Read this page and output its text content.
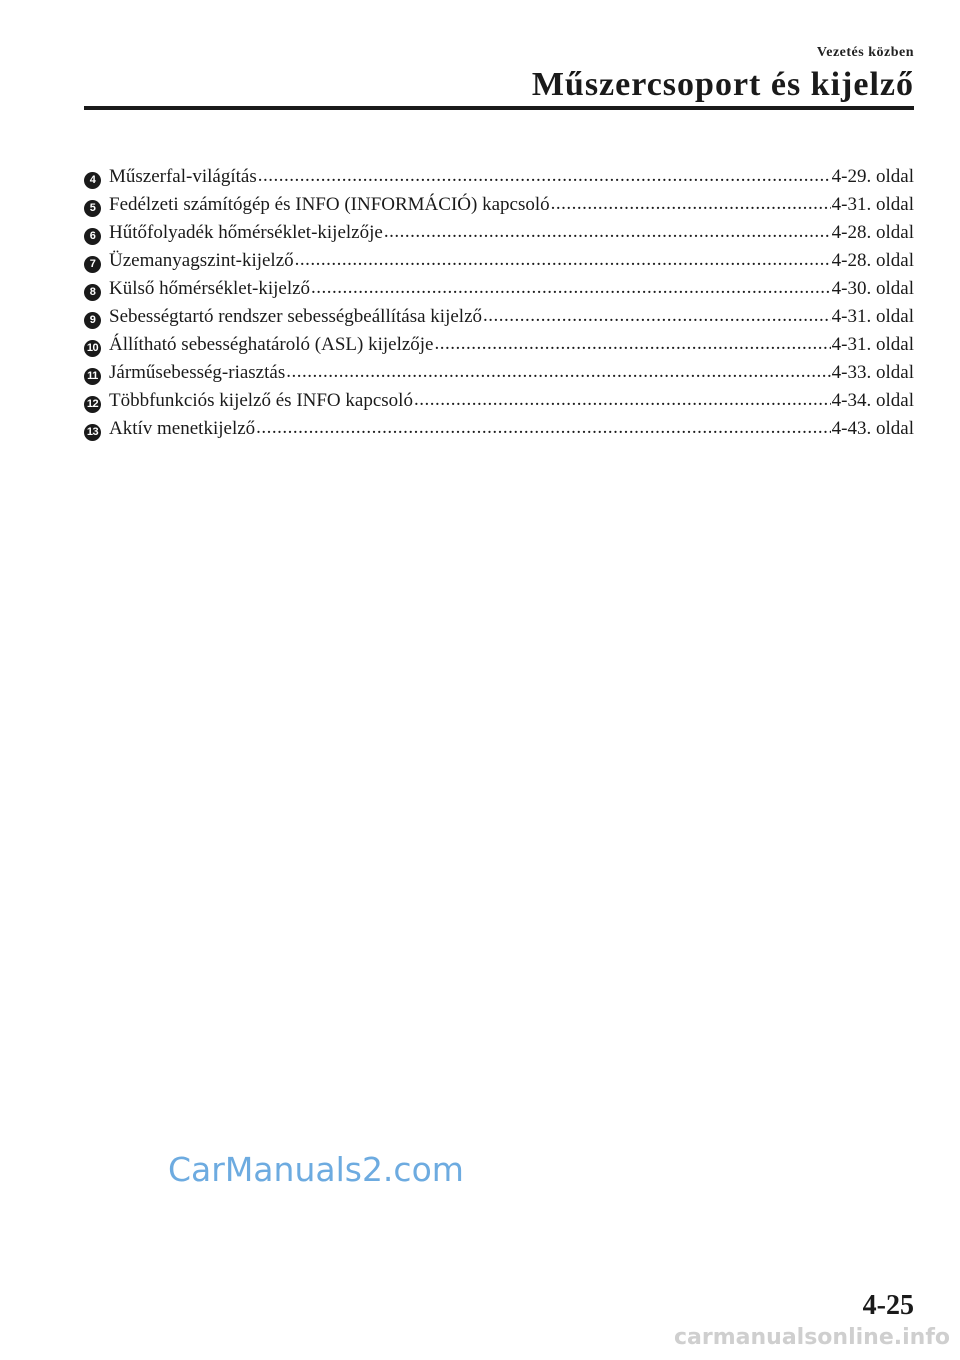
Vezetés közben
Műszercsoport és kijelző
4 Műszerfal-világítás .....	4-29. oldal
5 Fedélzeti számítógép és INFO (INFORMÁCIÓ) kapcsoló .....	4-31. oldal
6 Hűtőfolyadék hőmérséklet-kijelzője .....	4-28. oldal
7 Üzemanyagszint-kijelző .....	4-28. oldal
8 Külső hőmérséklet-kijelző .....	4-30. oldal
9 Sebességtartó rendszer sebességbeállítása kijelző .....	4-31. oldal
10 Állítható sebességhatároló (ASL) kijelzője .....	4-31. oldal
11 Járműsebesség-riasztás .....	4-33. oldal
12 Többfunkciós kijelző és INFO kapcsoló .....	4-34. oldal
13 Aktív menetkijelző .....	4-43. oldal
CarManuals2.com
4-25
carmanualsonline.info
